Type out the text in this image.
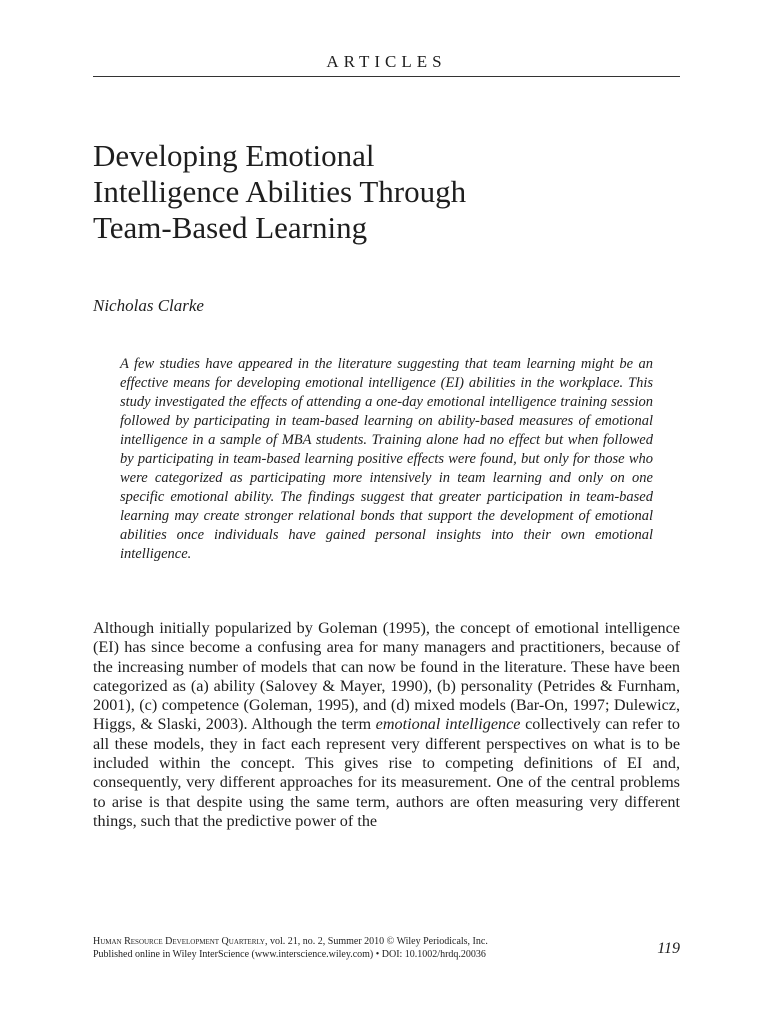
ARTICLES

Developing Emotional
Intelligence Abilities Through
Team-Based Learning

Nicholas Clarke

A few studies have appeared in the literature suggesting that team learning might be an effective means for developing emotional intelligence (EI) abilities in the workplace. This study investigated the effects of attending a one-day emotional intelligence training session followed by participating in team-based learning on ability-based measures of emotional intelligence in a sample of MBA students. Training alone had no effect but when followed by participating in team-based learning positive effects were found, but only for those who were categorized as participating more intensively in team learning and only on one specific emotional ability. The findings suggest that greater participation in team-based learning may create stronger relational bonds that support the development of emotional abilities once individuals have gained personal insights into their own emotional intelligence.

Although initially popularized by Goleman (1995), the concept of emotional intelligence (EI) has since become a confusing area for many managers and practitioners, because of the increasing number of models that can now be found in the literature. These have been categorized as (a) ability (Salovey & Mayer, 1990), (b) personality (Petrides & Furnham, 2001), (c) competence (Goleman, 1995), and (d) mixed models (Bar-On, 1997; Dulewicz, Higgs, & Slaski, 2003). Although the term emotional intelligence collectively can refer to all these models, they in fact each represent very different perspectives on what is to be included within the concept. This gives rise to competing definitions of EI and, consequently, very different approaches for its measurement. One of the central problems to arise is that despite using the same term, authors are often measuring very different things, such that the predictive power of the

Human Resource Development Quarterly, vol. 21, no. 2, Summer 2010 © Wiley Periodicals, Inc.
Published online in Wiley InterScience (www.interscience.wiley.com) • DOI: 10.1002/hrdq.20036	119
